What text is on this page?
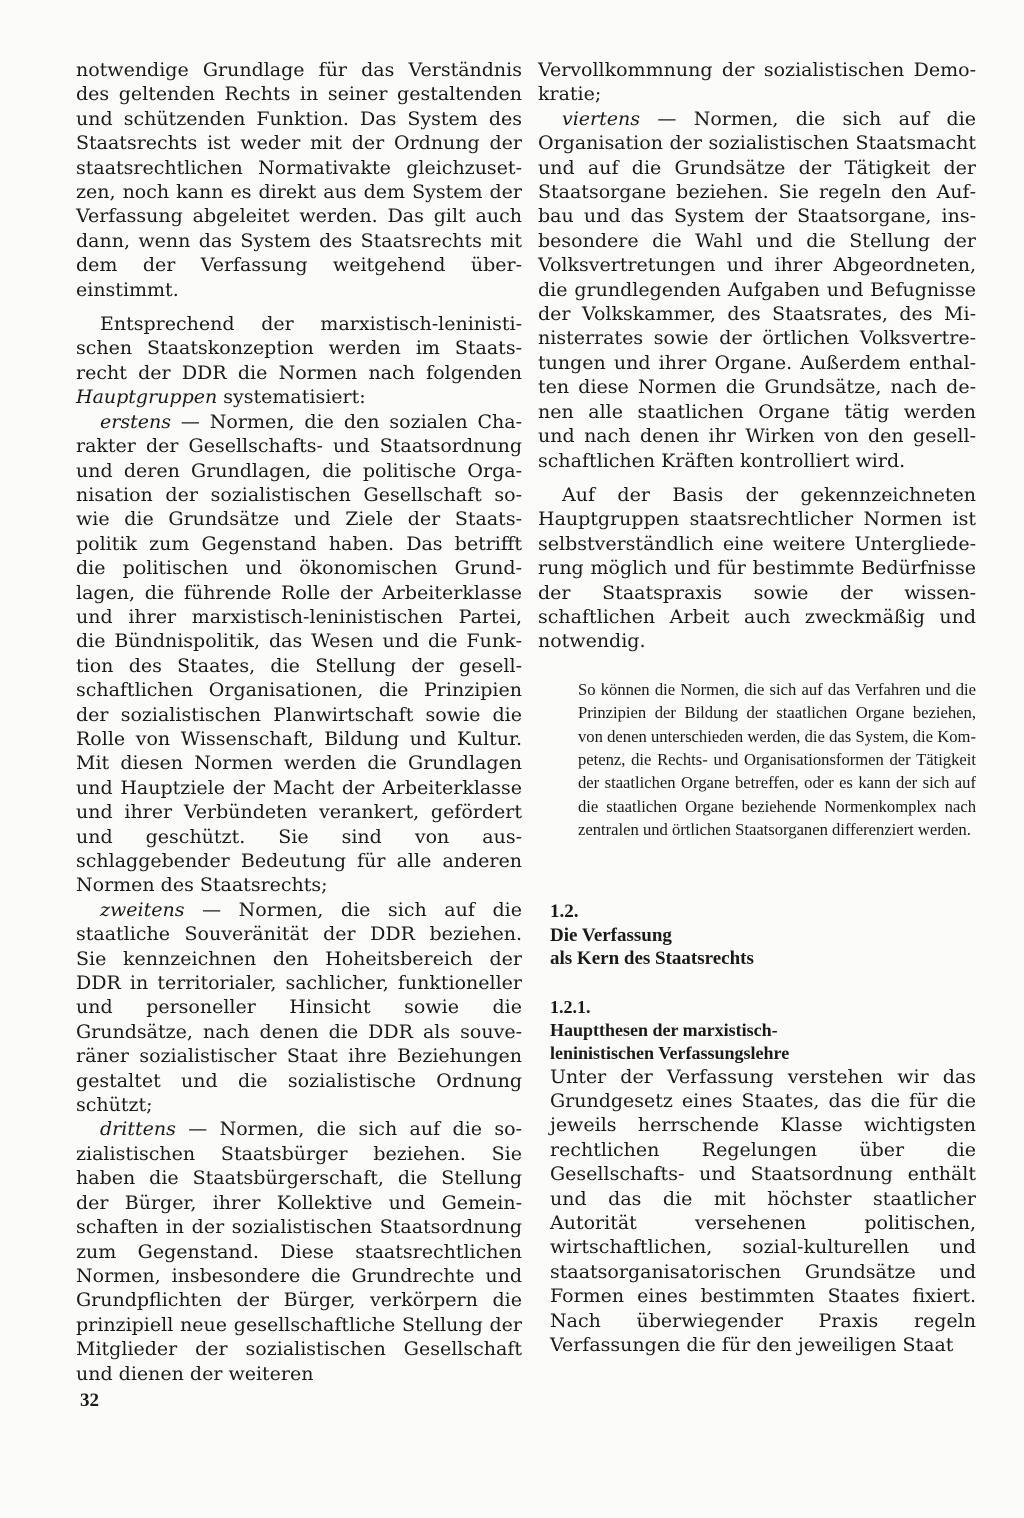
notwendige Grundlage für das Verständnis des geltenden Rechts in seiner gestaltenden und schützenden Funktion. Das System des Staatsrechts ist weder mit der Ordnung der staatsrechtlichen Normativakte gleichzusetzen, noch kann es direkt aus dem System der Verfassung abgeleitet werden. Das gilt auch dann, wenn das System des Staatsrechts mit dem der Verfassung weitgehend übereinstimmt.

Entsprechend der marxistisch-leninistischen Staatskonzeption werden im Staatsrecht der DDR die Normen nach folgenden Hauptgruppen systematisiert:

erstens — Normen, die den sozialen Charakter der Gesellschafts- und Staatsordnung und deren Grundlagen, die politische Organisation der sozialistischen Gesellschaft sowie die Grundsätze und Ziele der Staatspolitik zum Gegenstand haben. Das betrifft die politischen und ökonomischen Grundlagen, die führende Rolle der Arbeiterklasse und ihrer marxistisch-leninistischen Partei, die Bündnispolitik, das Wesen und die Funktion des Staates, die Stellung der gesellschaftlichen Organisationen, die Prinzipien der sozialistischen Planwirtschaft sowie die Rolle von Wissenschaft, Bildung und Kultur. Mit diesen Normen werden die Grundlagen und Hauptziele der Macht der Arbeiterklasse und ihrer Verbündeten verankert, gefördert und geschützt. Sie sind von ausschlaggebender Bedeutung für alle anderen Normen des Staatsrechts;

zweitens — Normen, die sich auf die staatliche Souveränität der DDR beziehen. Sie kennzeichnen den Hoheitsbereich der DDR in territorialer, sachlicher, funktioneller und personeller Hinsicht sowie die Grundsätze, nach denen die DDR als souveräner sozialistischer Staat ihre Beziehungen gestaltet und die sozialistische Ordnung schützt;

drittens — Normen, die sich auf die sozialistischen Staatsbürger beziehen. Sie haben die Staatsbürgerschaft, die Stellung der Bürger, ihrer Kollektive und Gemeinschaften in der sozialistischen Staatsordnung zum Gegenstand. Diese staatsrechtlichen Normen, insbesondere die Grundrechte und Grundpflichten der Bürger, verkörpern die prinzipiell neue gesellschaftliche Stellung der Mitglieder der sozialistischen Gesellschaft und dienen der weiteren

Vervollkommnung der sozialistischen Demokratie;

viertens — Normen, die sich auf die Organisation der sozialistischen Staatsmacht und auf die Grundsätze der Tätigkeit der Staatsorgane beziehen. Sie regeln den Aufbau und das System der Staatsorgane, insbesondere die Wahl und die Stellung der Volksvertretungen und ihrer Abgeordneten, die grundlegenden Aufgaben und Befugnisse der Volkskammer, des Staatsrates, des Ministerrates sowie der örtlichen Volksvertretungen und ihrer Organe. Außerdem enthalten diese Normen die Grundsätze, nach denen alle staatlichen Organe tätig werden und nach denen ihr Wirken von den gesellschaftlichen Kräften kontrolliert wird.

Auf der Basis der gekennzeichneten Hauptgruppen staatsrechtlicher Normen ist selbstverständlich eine weitere Untergliederung möglich und für bestimmte Bedürfnisse der Staatspraxis sowie der wissenschaftlichen Arbeit auch zweckmäßig und notwendig.

So können die Normen, die sich auf das Verfahren und die Prinzipien der Bildung der staatlichen Organe beziehen, von denen unterschieden werden, die das System, die Kompetenz, die Rechts- und Organisationsformen der Tätigkeit der staatlichen Organe betreffen, oder es kann der sich auf die staatlichen Organe beziehende Normenkomplex nach zentralen und örtlichen Staatsorganen differenziert werden.

1.2.
Die Verfassung
als Kern des Staatsrechts
1.2.1.
Hauptthesen der marxistisch-
leninistischen Verfassungslehre

Unter der Verfassung verstehen wir das Grundgesetz eines Staates, das die für die jeweils herrschende Klasse wichtigsten rechtlichen Regelungen über die Gesellschafts- und Staatsordnung enthält und das die mit höchster staatlicher Autorität versehenen politischen, wirtschaftlichen, sozial-kulturellen und staatsorganisatorischen Grundsätze und Formen eines bestimmten Staates fixiert. Nach überwiegender Praxis regeln Verfassungen die für den jeweiligen Staat

32
